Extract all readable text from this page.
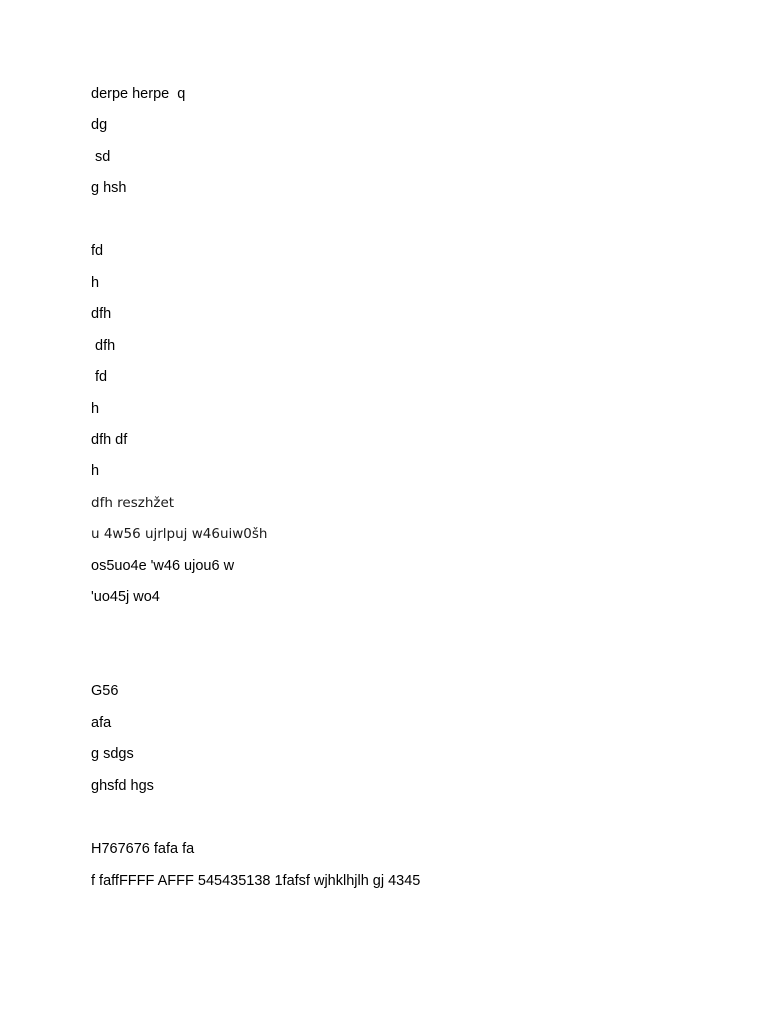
derpe herpe  q
dg
sd
g hsh
fd
h
dfh
dfh
fd
h
dfh df
h
dfh reszhžet
u 4w56 ujrlpuj w46uiw0šh
os5uo4e 'w46 ujou6 w
'uo45j wo4
G56
afa
g sdgs
ghsfd hgs
H767676 fafa fa
f faffFFFF AFFF 545435138 1fafsf wjhklhjlh gj 4345
